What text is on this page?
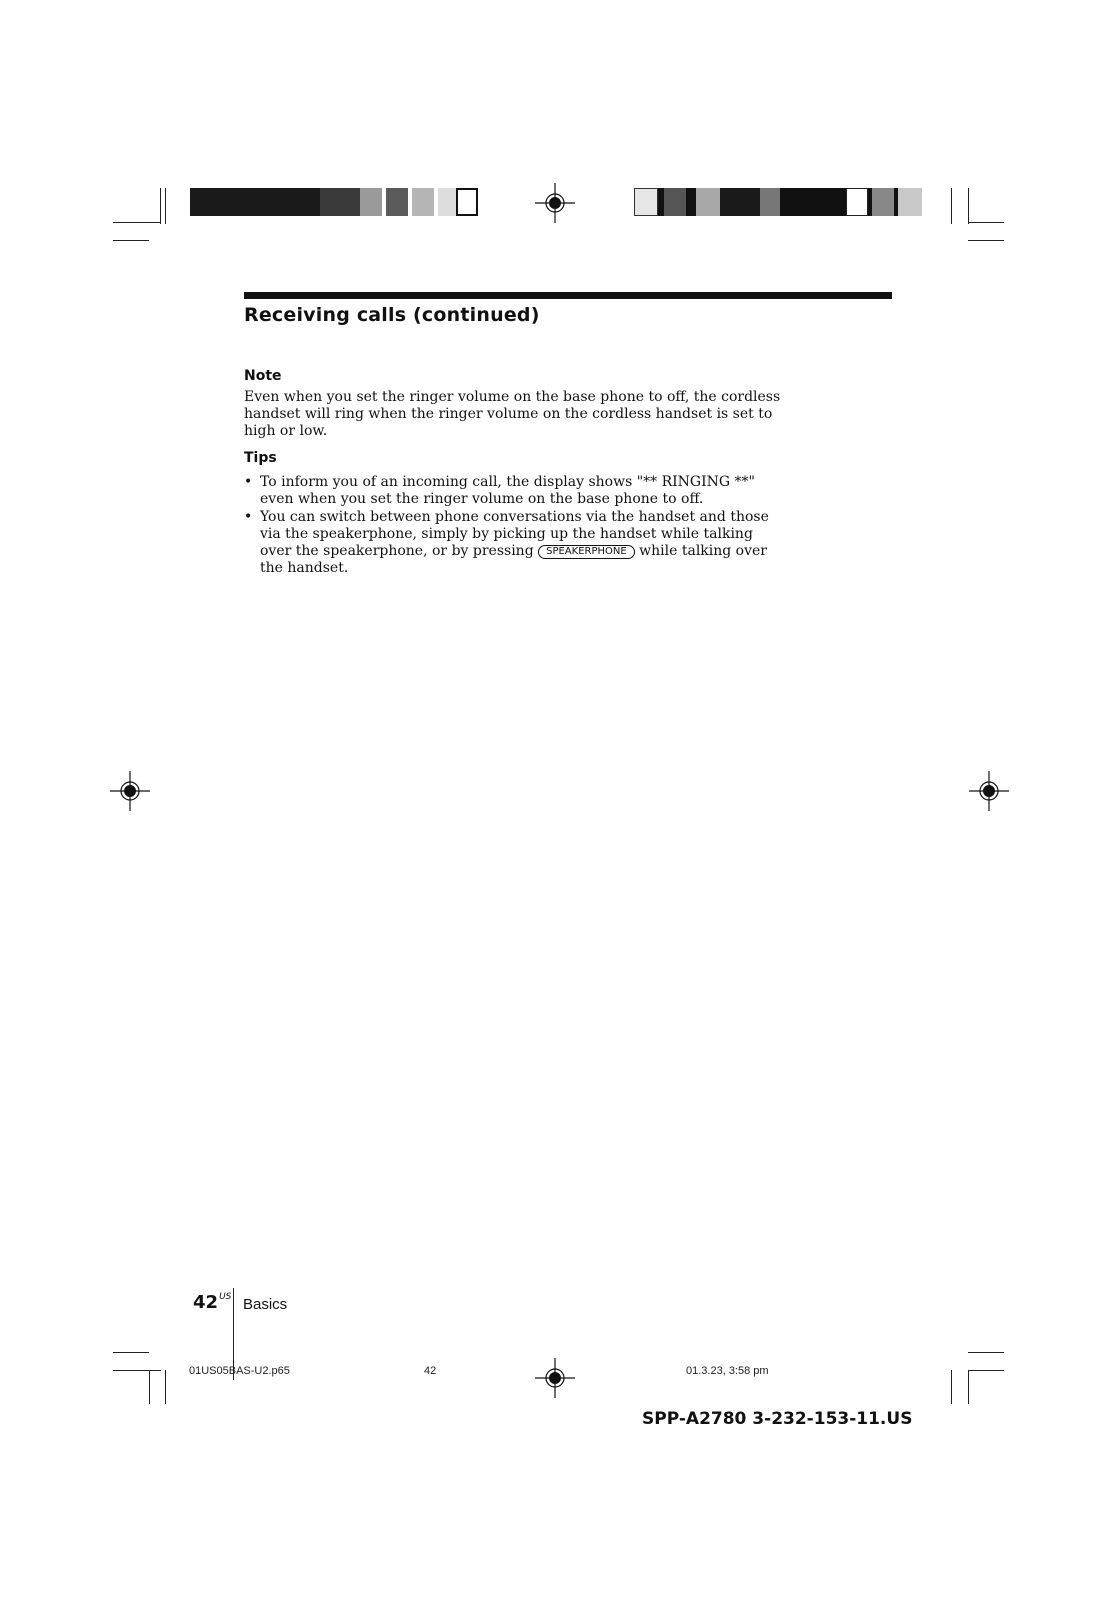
Receiving calls (continued)
Note
Even when you set the ringer volume on the base phone to off, the cordless handset will ring when the ringer volume on the cordless handset is set to high or low.
Tips
• To inform you of an incoming call, the display shows "** RINGING **" even when you set the ringer volume on the base phone to off.
• You can switch between phone conversations via the handset and those via the speakerphone, simply by picking up the handset while talking over the speakerphone, or by pressing SPEAKERPHONE while talking over the handset.
$42^{US}$ Basics
01US05BAS-U2.p65	42	01.3.23, 3:58 pm
SPP-A2780 3-232-153-11.US
